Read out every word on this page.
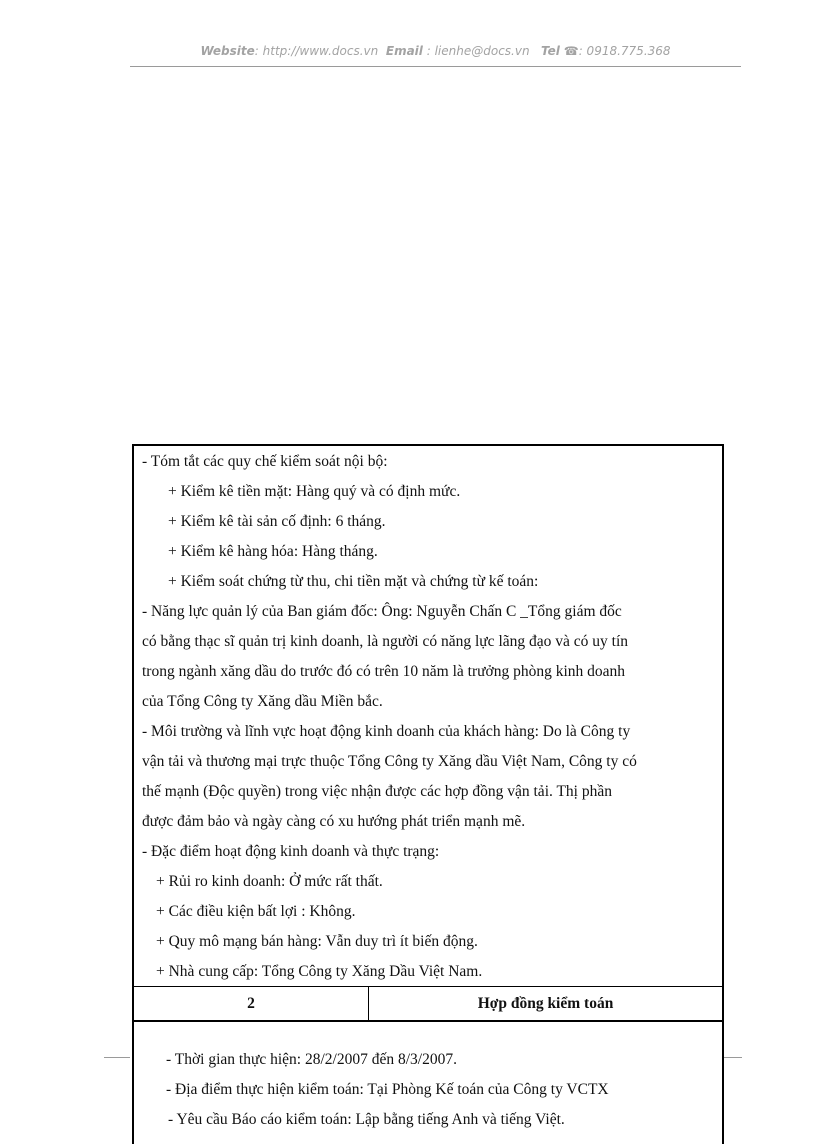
Website: http://www.docs.vn Email : lienhe@docs.vn Tel ☎: 0918.775.368
- Tóm tắt các quy chế kiểm soát nội bộ:
+ Kiểm kê tiền mặt: Hàng quý và có định mức.
+ Kiểm kê tài sản cố định: 6 tháng.
+ Kiểm kê hàng hóa: Hàng tháng.
+ Kiểm soát chứng từ thu, chi tiền mặt và chứng từ kế toán:
- Năng lực quản lý của Ban giám đốc: Ông: Nguyễn Chấn C _Tổng giám đốc
có bằng thạc sĩ quản trị kinh doanh, là người có năng lực lãng đạo và có uy tín
trong ngành xăng dầu do trước đó có trên 10 năm là trưởng phòng kinh doanh
của Tổng Công ty Xăng dầu Miền bắc.
- Môi trường và lĩnh vực hoạt động kinh doanh của khách hàng: Do là Công ty
vận tải và thương mại trực thuộc Tổng Công ty Xăng dầu Việt Nam, Công ty có
thế mạnh (Độc quyền) trong việc nhận được các hợp đồng vận tải. Thị phần
được đảm bảo và ngày càng có xu hướng phát triển mạnh mẽ.
- Đặc điểm hoạt động kinh doanh và thực trạng:
+ Rủi ro kinh doanh: Ở mức rất thất.
+ Các điều kiện bất lợi : Không.
+ Quy mô mạng bán hàng: Vẫn duy trì ít biến động.
+ Nhà cung cấp: Tổng Công ty Xăng Dầu Việt Nam.
2	Hợp đồng kiểm toán
- Thời gian thực hiện: 28/2/2007 đến 8/3/2007.
- Địa điểm thực hiện kiểm toán: Tại Phòng Kế toán của Công ty VCTX
- Yêu cầu Báo cáo kiểm toán: Lập bằng tiếng Anh và tiếng Việt.
